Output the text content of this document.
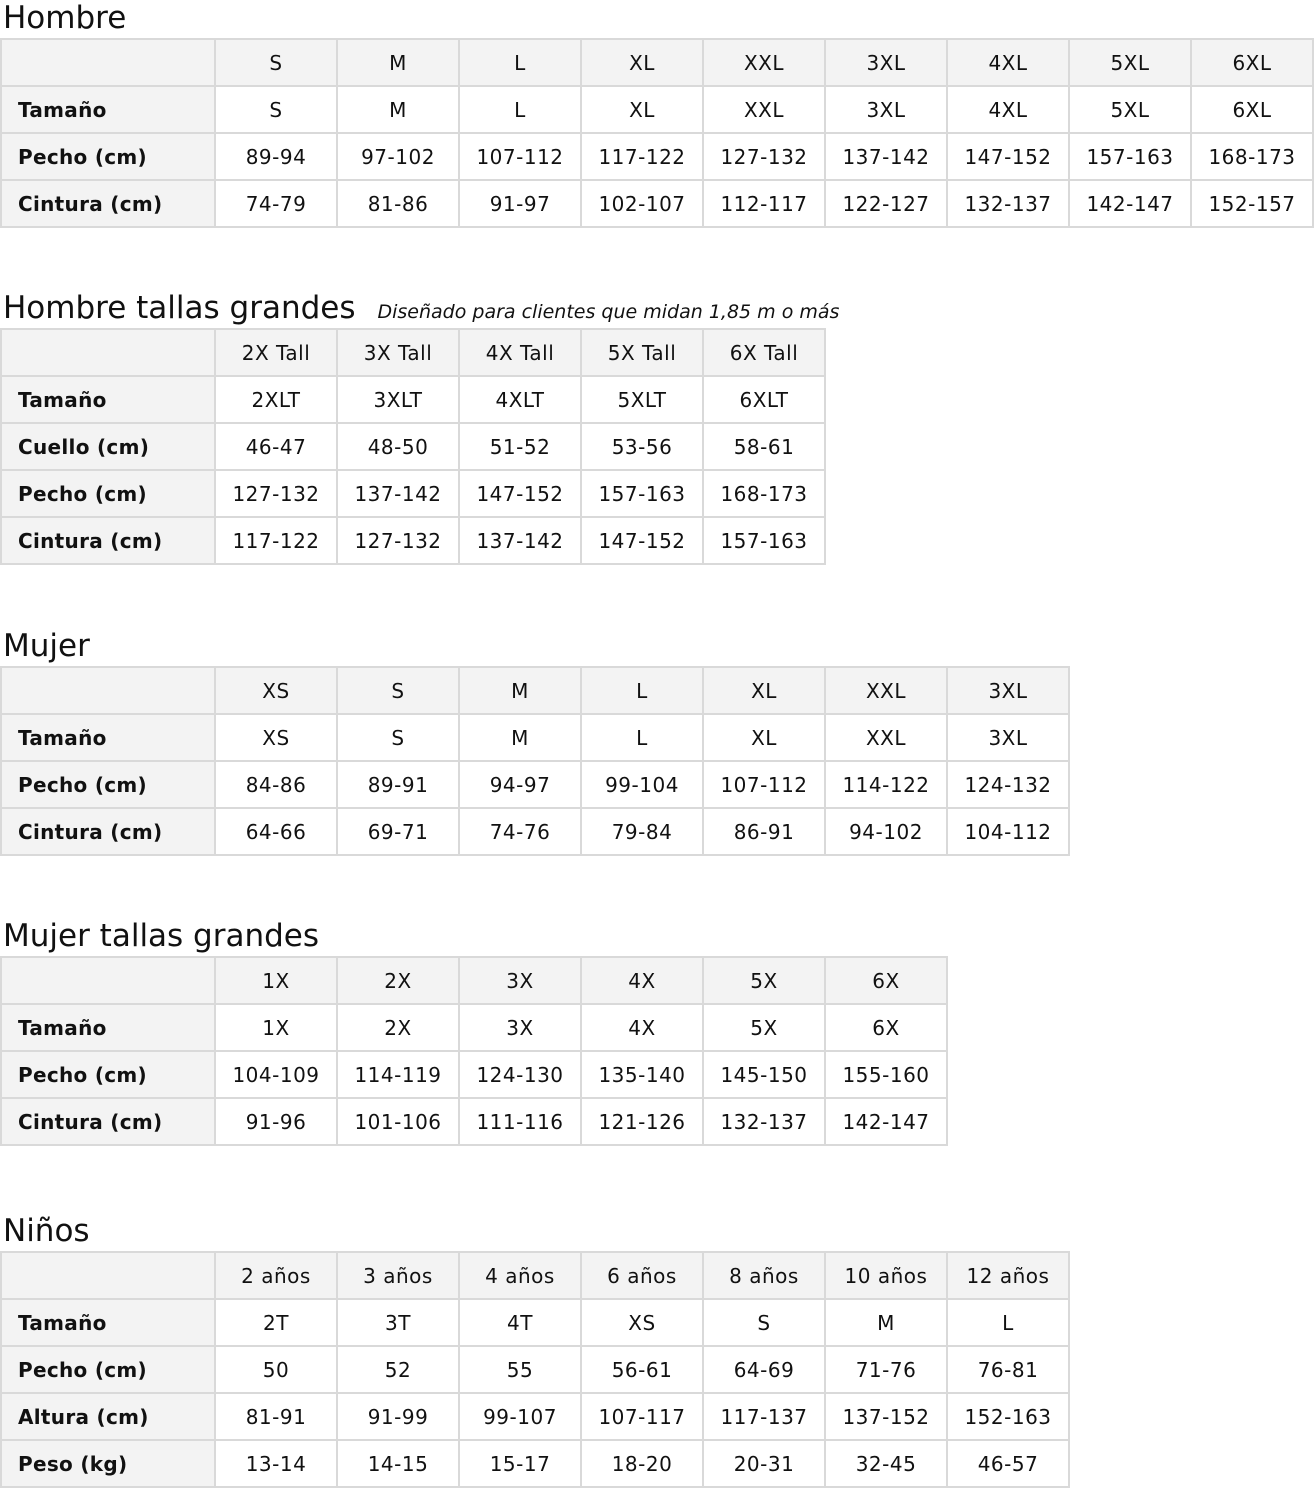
Hombre
	S	M	L	XL	XXL	3XL	4XL	5XL	6XL
Tamaño	S	M	L	XL	XXL	3XL	4XL	5XL	6XL
Pecho (cm)	89-94	97-102	107-112	117-122	127-132	137-142	147-152	157-163	168-173
Cintura (cm)	74-79	81-86	91-97	102-107	112-117	122-127	132-137	142-147	152-157
Hombre tallas grandes Diseñado para clientes que midan 1,85 m o más
	2X Tall	3X Tall	4X Tall	5X Tall	6X Tall
Tamaño	2XLT	3XLT	4XLT	5XLT	6XLT
Cuello (cm)	46-47	48-50	51-52	53-56	58-61
Pecho (cm)	127-132	137-142	147-152	157-163	168-173
Cintura (cm)	117-122	127-132	137-142	147-152	157-163
Mujer
	XS	S	M	L	XL	XXL	3XL
Tamaño	XS	S	M	L	XL	XXL	3XL
Pecho (cm)	84-86	89-91	94-97	99-104	107-112	114-122	124-132
Cintura (cm)	64-66	69-71	74-76	79-84	86-91	94-102	104-112
Mujer tallas grandes
	1X	2X	3X	4X	5X	6X
Tamaño	1X	2X	3X	4X	5X	6X
Pecho (cm)	104-109	114-119	124-130	135-140	145-150	155-160
Cintura (cm)	91-96	101-106	111-116	121-126	132-137	142-147
Niños
	2 años	3 años	4 años	6 años	8 años	10 años	12 años
Tamaño	2T	3T	4T	XS	S	M	L
Pecho (cm)	50	52	55	56-61	64-69	71-76	76-81
Altura (cm)	81-91	91-99	99-107	107-117	117-137	137-152	152-163
Peso (kg)	13-14	14-15	15-17	18-20	20-31	32-45	46-57
